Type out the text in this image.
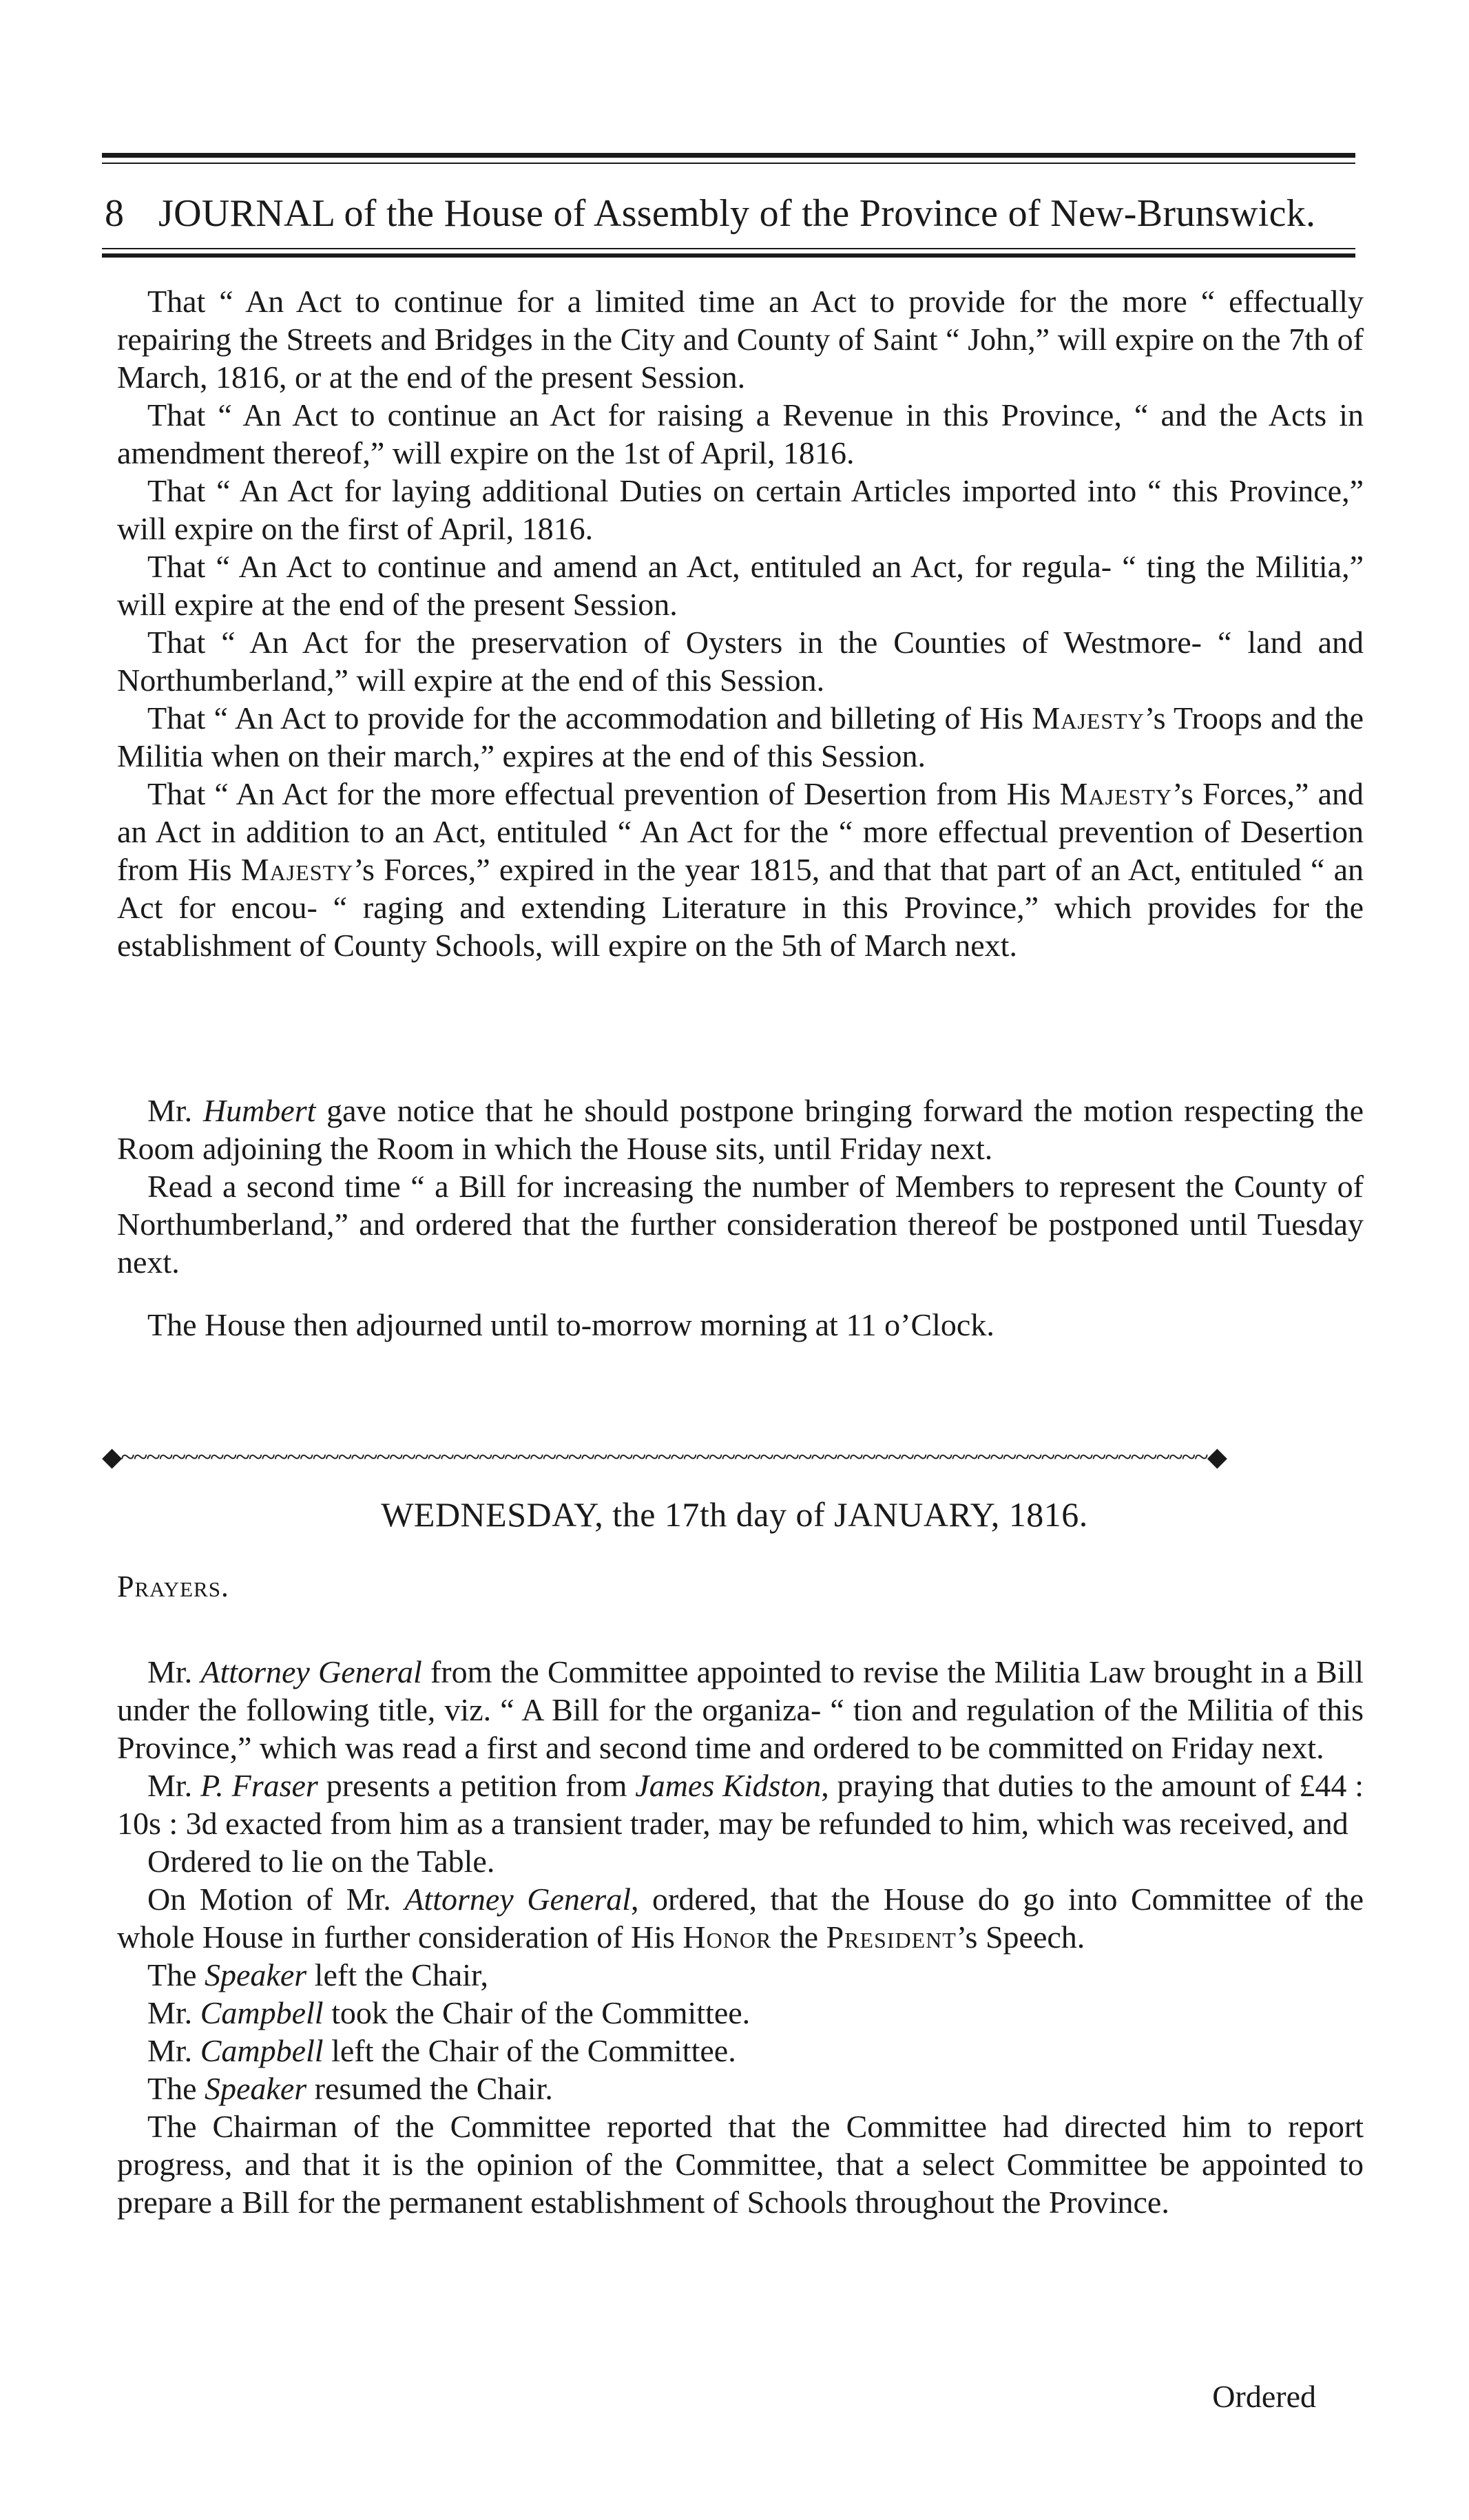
8 JOURNAL of the House of Assembly of the Province of New-Brunswick.

That “ An Act to continue for a limited time an Act to provide for the more “ effectually repairing the Streets and Bridges in the City and County of Saint “ John,” will expire on the 7th of March, 1816, or at the end of the present Session.

That “ An Act to continue an Act for raising a Revenue in this Province, “ and the Acts in amendment thereof,” will expire on the 1st of April, 1816.

That “ An Act for laying additional Duties on certain Articles imported into “ this Province,” will expire on the first of April, 1816.

That “ An Act to continue and amend an Act, entituled an Act, for regula- “ ting the Militia,” will expire at the end of the present Session.

That “ An Act for the preservation of Oysters in the Counties of Westmore- “ land and Northumberland,” will expire at the end of this Session.

That “ An Act to provide for the accommodation and billeting of His Majesty’s Troops and the Militia when on their march,” expires at the end of this Session.

That “ An Act for the more effectual prevention of Desertion from His Majesty’s Forces,” and an Act in addition to an Act, entituled “ An Act for the “ more effectual prevention of Desertion from His Majesty’s Forces,” expired in the year 1815, and that that part of an Act, entituled “ an Act for encou- “ raging and extending Literature in this Province,” which provides for the establishment of County Schools, will expire on the 5th of March next.

Mr. Humbert gave notice that he should postpone bringing forward the motion respecting the Room adjoining the Room in which the House sits, until Friday next.

Read a second time “ a Bill for increasing the number of Members to represent the County of Northumberland,” and ordered that the further consideration thereof be postponed until Tuesday next.

The House then adjourned until to-morrow morning at 11 o’Clock.

◆~~~~~~~~~~~~~~~~~~~~~~~~~~~~~~~~~~~~~~~~~~~~~~~~~~~~~~~~~~~~~~~~~~~~~~~~~~~~~~~~~~~~~◆
WEDNESDAY, the 17th day of JANUARY, 1816.
Prayers.

Mr. Attorney General from the Committee appointed to revise the Militia Law brought in a Bill under the following title, viz. “ A Bill for the organiza- “ tion and regulation of the Militia of this Province,” which was read a first and second time and ordered to be committed on Friday next.

Mr. P. Fraser presents a petition from James Kidston, praying that duties to the amount of £44 : 10s : 3d exacted from him as a transient trader, may be refunded to him, which was received, and

Ordered to lie on the Table.

On Motion of Mr. Attorney General, ordered, that the House do go into Committee of the whole House in further consideration of His Honor the President’s Speech.

The Speaker left the Chair,

Mr. Campbell took the Chair of the Committee.

Mr. Campbell left the Chair of the Committee.

The Speaker resumed the Chair.

The Chairman of the Committee reported that the Committee had directed him to report progress, and that it is the opinion of the Committee, that a select Committee be appointed to prepare a Bill for the permanent establishment of Schools throughout the Province.

Ordered
